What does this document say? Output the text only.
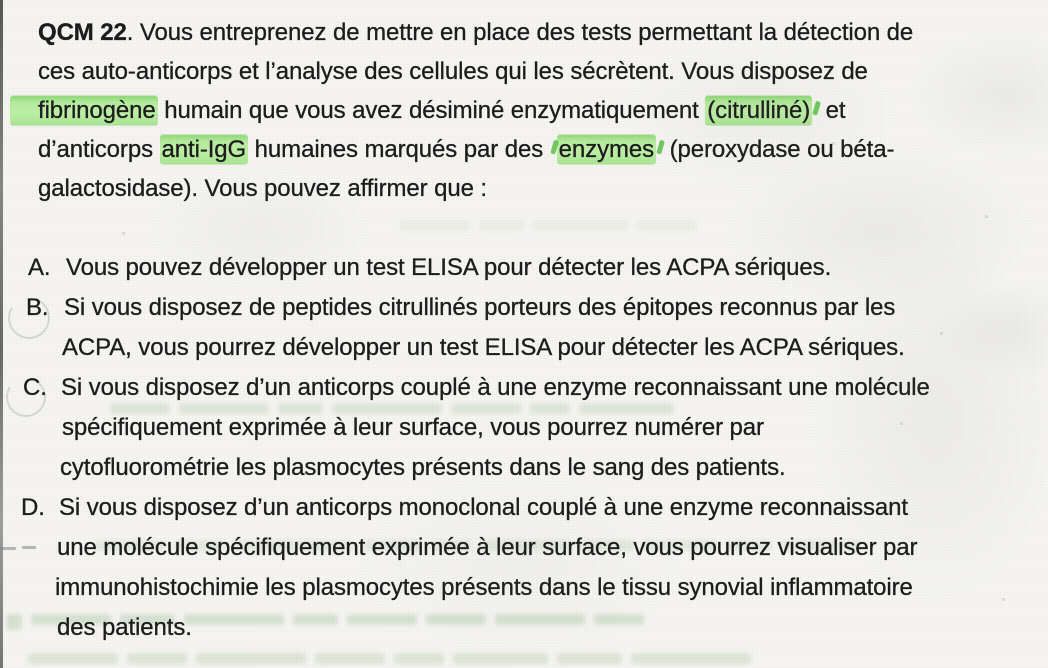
QCM 22. Vous entreprenez de mettre en place des tests permettant la détection de
ces auto-anticorps et l’analyse des cellules qui les sécrètent. Vous disposez de
fibrinogène humain que vous avez désiminé enzymatiquement (citrulliné) et
d’anticorps anti-IgG humaines marqués par des enzymes (peroxydase ou béta-
galactosidase). Vous pouvez affirmer que :
A. Vous pouvez développer un test ELISA pour détecter les ACPA sériques.
B. Si vous disposez de peptides citrullinés porteurs des épitopes reconnus par les
ACPA, vous pourrez développer un test ELISA pour détecter les ACPA sériques.
C. Si vous disposez d’un anticorps couplé à une enzyme reconnaissant une molécule
spécifiquement exprimée à leur surface, vous pourrez numérer par
cytofluorométrie les plasmocytes présents dans le sang des patients.
D. Si vous disposez d’un anticorps monoclonal couplé à une enzyme reconnaissant
une molécule spécifiquement exprimée à leur surface, vous pourrez visualiser par
immunohistochimie les plasmocytes présents dans le tissu synovial inflammatoire
des patients.
